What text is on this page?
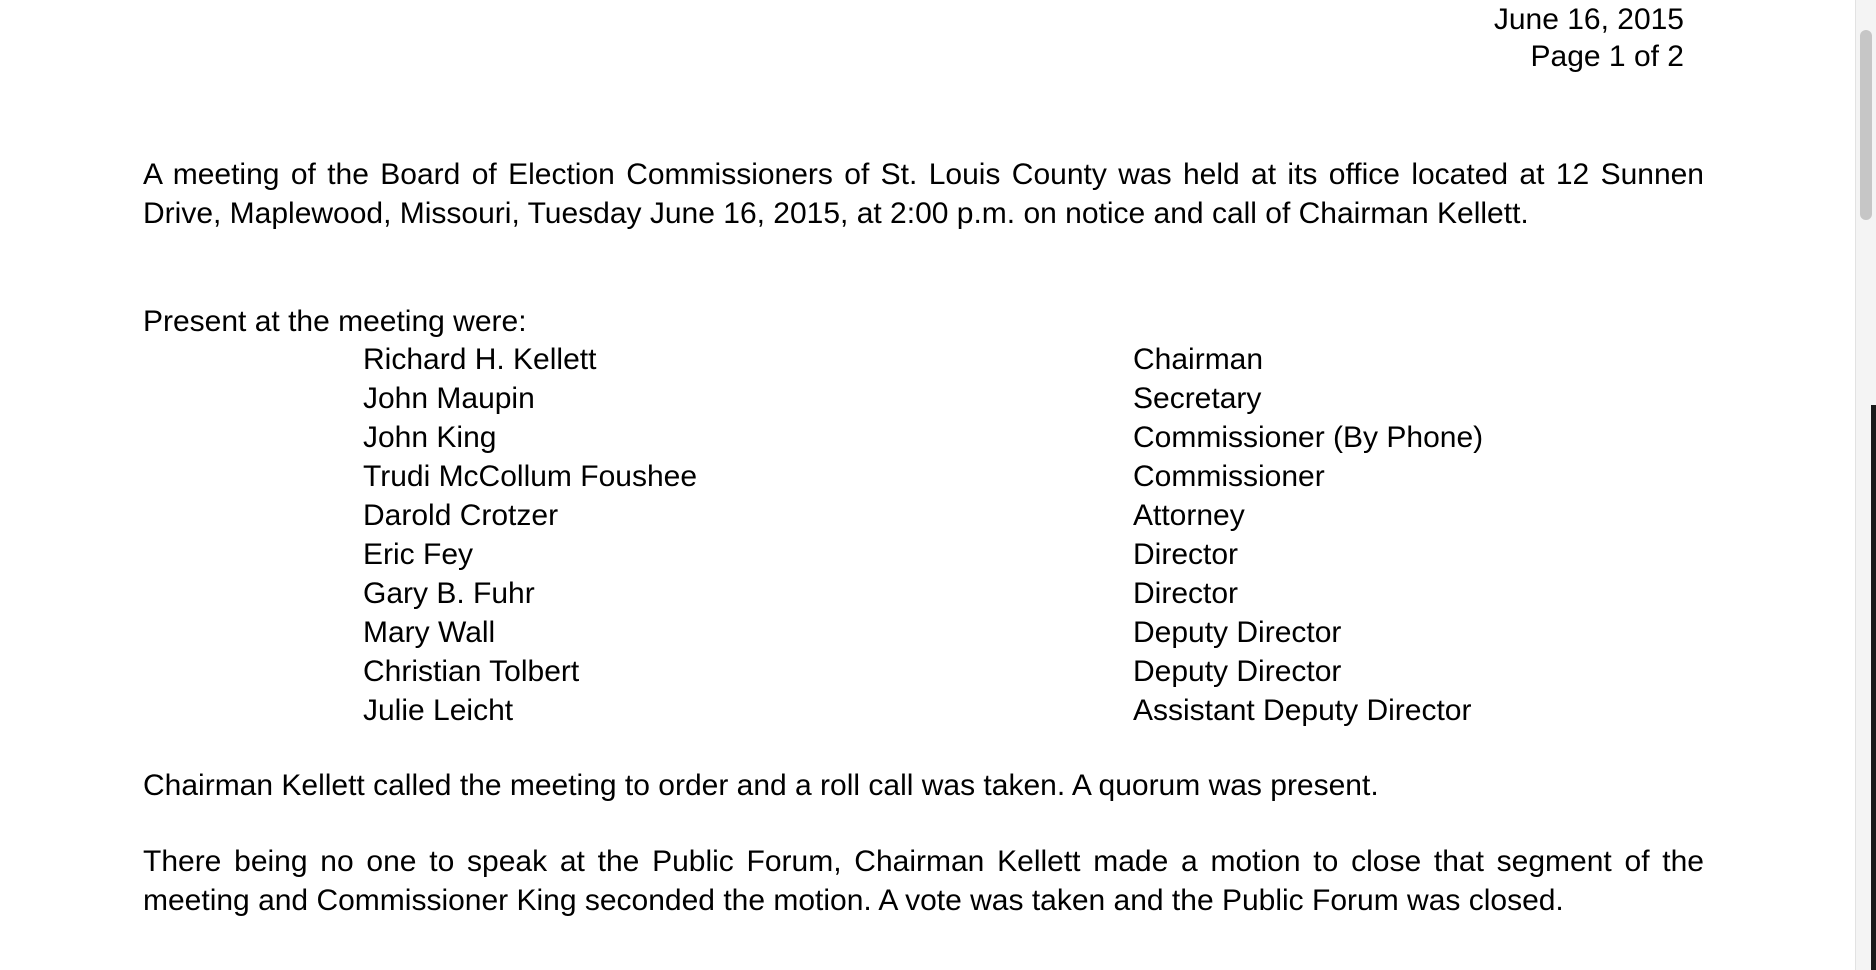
June 16, 2015
Page 1 of 2
A meeting of the Board of Election Commissioners of St. Louis County was held at its office located at 12 Sunnen Drive, Maplewood, Missouri, Tuesday June 16, 2015, at 2:00 p.m. on notice and call of Chairman Kellett.
Present at the meeting were:
Richard H. Kellett	Chairman
John Maupin	Secretary
John King	Commissioner (By Phone)
Trudi McCollum Foushee	Commissioner
Darold Crotzer	Attorney
Eric Fey	Director
Gary B. Fuhr	Director
Mary Wall	Deputy Director
Christian Tolbert	Deputy Director
Julie Leicht	Assistant Deputy Director
Chairman Kellett called the meeting to order and a roll call was taken. A quorum was present.
There being no one to speak at the Public Forum, Chairman Kellett made a motion to close that segment of the meeting and Commissioner King seconded the motion. A vote was taken and the Public Forum was closed.
